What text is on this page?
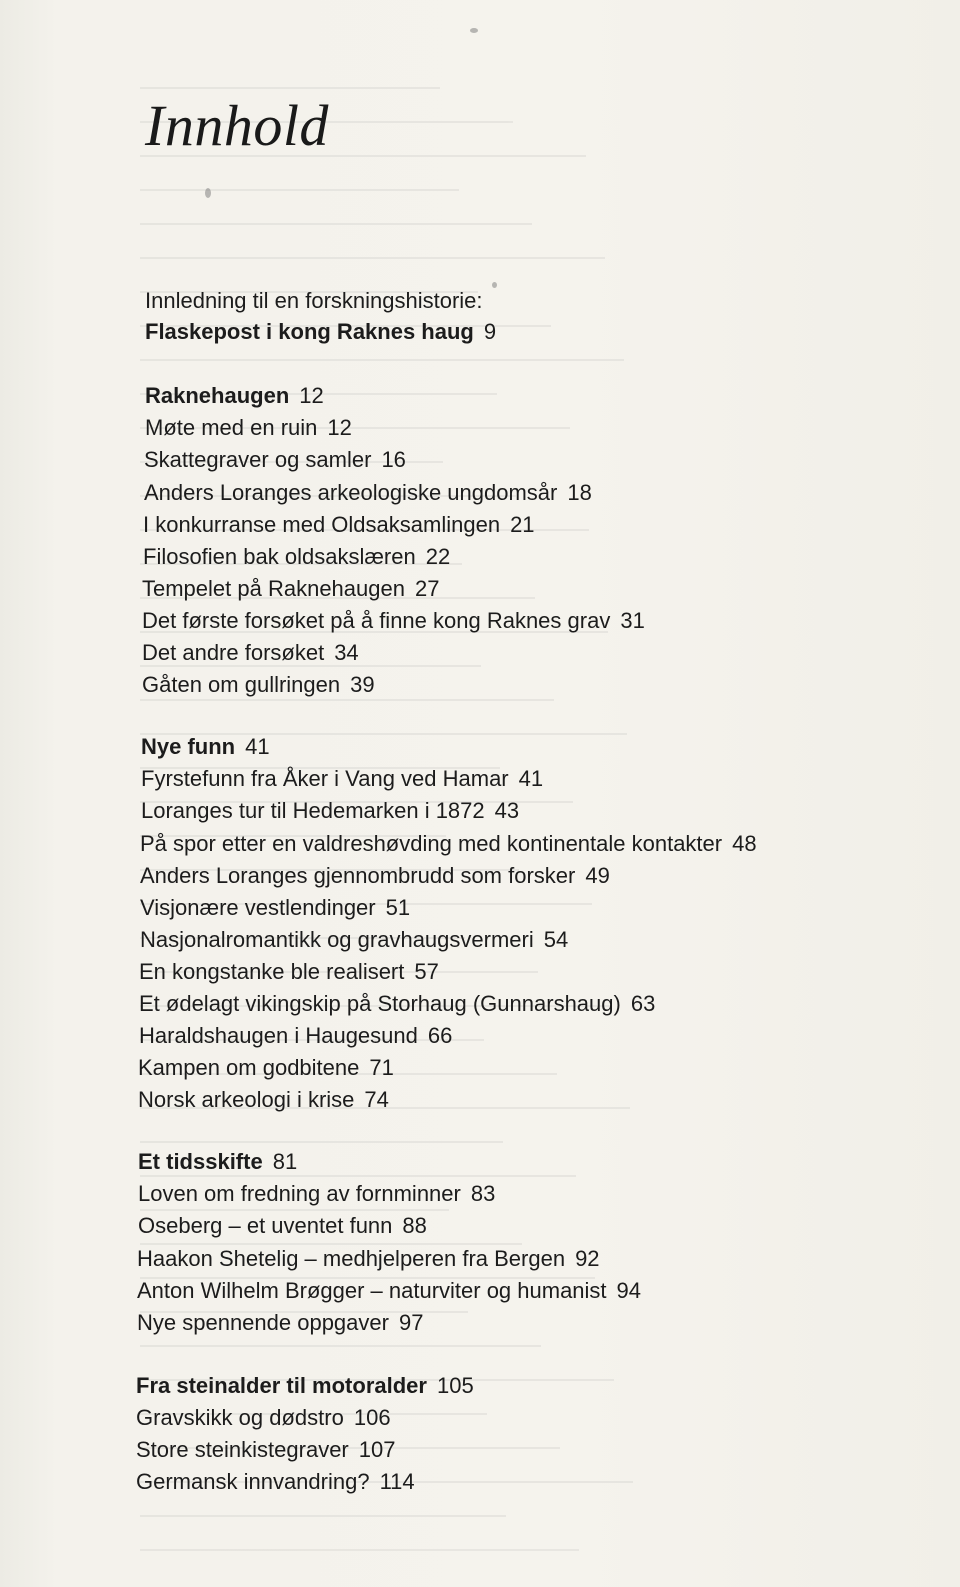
Innhold
Innledning til en forskningshistorie:
Flaskepost i kong Raknes haug 9
Raknehaugen 12
Møte med en ruin 12
Skattegraver og samler 16
Anders Loranges arkeologiske ungdomsår 18
I konkurranse med Oldsaksamlingen 21
Filosofien bak oldsakslæren 22
Tempelet på Raknehaugen 27
Det første forsøket på å finne kong Raknes grav 31
Det andre forsøket 34
Gåten om gullringen 39
Nye funn 41
Fyrstefunn fra Åker i Vang ved Hamar 41
Loranges tur til Hedemarken i 1872 43
På spor etter en valdreshøvding med kontinentale kontakter 48
Anders Loranges gjennombrudd som forsker 49
Visjonære vestlendinger 51
Nasjonalromantikk og gravhaugsvermeri 54
En kongstanke ble realisert 57
Et ødelagt vikingskip på Storhaug (Gunnarshaug) 63
Haraldshaugen i Haugesund 66
Kampen om godbitene 71
Norsk arkeologi i krise 74
Et tidsskifte 81
Loven om fredning av fornminner 83
Oseberg – et uventet funn 88
Haakon Shetelig – medhjelperen fra Bergen 92
Anton Wilhelm Brøgger – naturviter og humanist 94
Nye spennende oppgaver 97
Fra steinalder til motoralder 105
Gravskikk og dødstro 106
Store steinkistegraver 107
Germansk innvandring? 114
